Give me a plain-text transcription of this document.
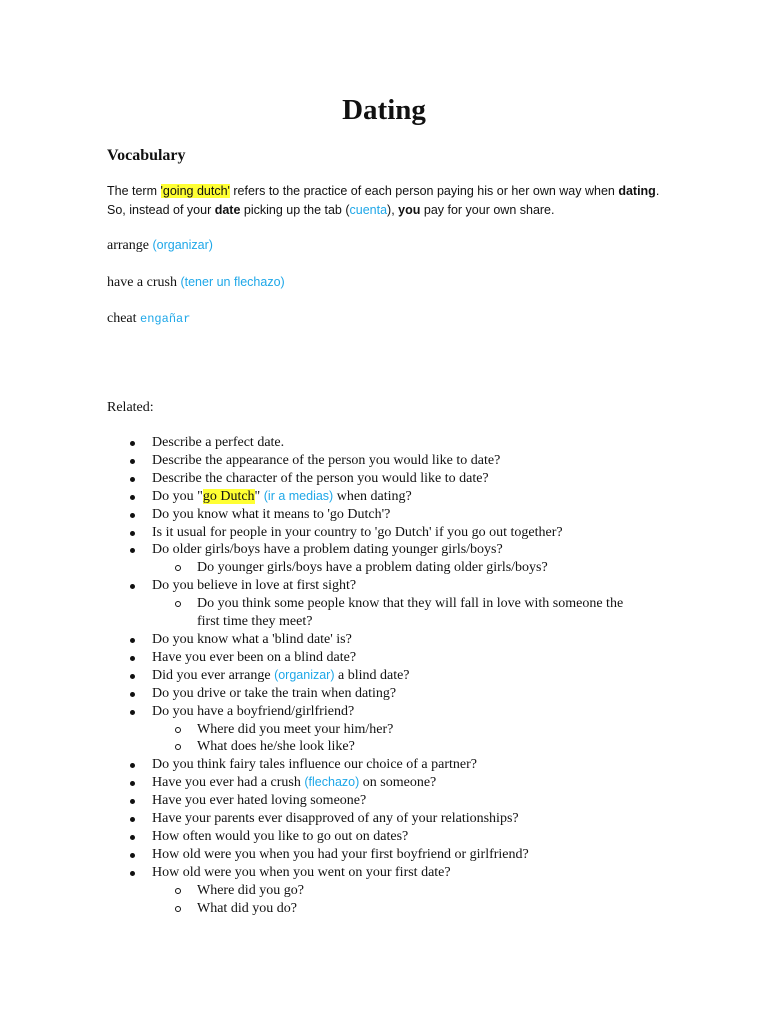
Dating
Vocabulary

The term 'going dutch' refers to the practice of each person paying his or her own way when dating. So, instead of your date picking up the tab (cuenta), you pay for your own share.

arrange (organizar)

have a crush (tener un flechazo)

cheat engañar

Related:

Describe a perfect date.
Describe the appearance of the person you would like to date?
Describe the character of the person you would like to date?
Do you "go Dutch" (ir a medias) when dating?
Do you know what it means to 'go Dutch'?
Is it usual for people in your country to 'go Dutch' if you go out together?
Do older girls/boys have a problem dating younger girls/boys?
Do younger girls/boys have a problem dating older girls/boys?
Do you believe in love at first sight?
Do you think some people know that they will fall in love with someone the
first time they meet?
Do you know what a 'blind date' is?
Have you ever been on a blind date?
Did you ever arrange (organizar) a blind date?
Do you drive or take the train when dating?
Do you have a boyfriend/girlfriend?
Where did you meet your him/her?
What does he/she look like?
Do you think fairy tales influence our choice of a partner?
Have you ever had a crush (flechazo) on someone?
Have you ever hated loving someone?
Have your parents ever disapproved of any of your relationships?
How often would you like to go out on dates?
How old were you when you had your first boyfriend or girlfriend?
How old were you when you went on your first date?
Where did you go?
What did you do?
